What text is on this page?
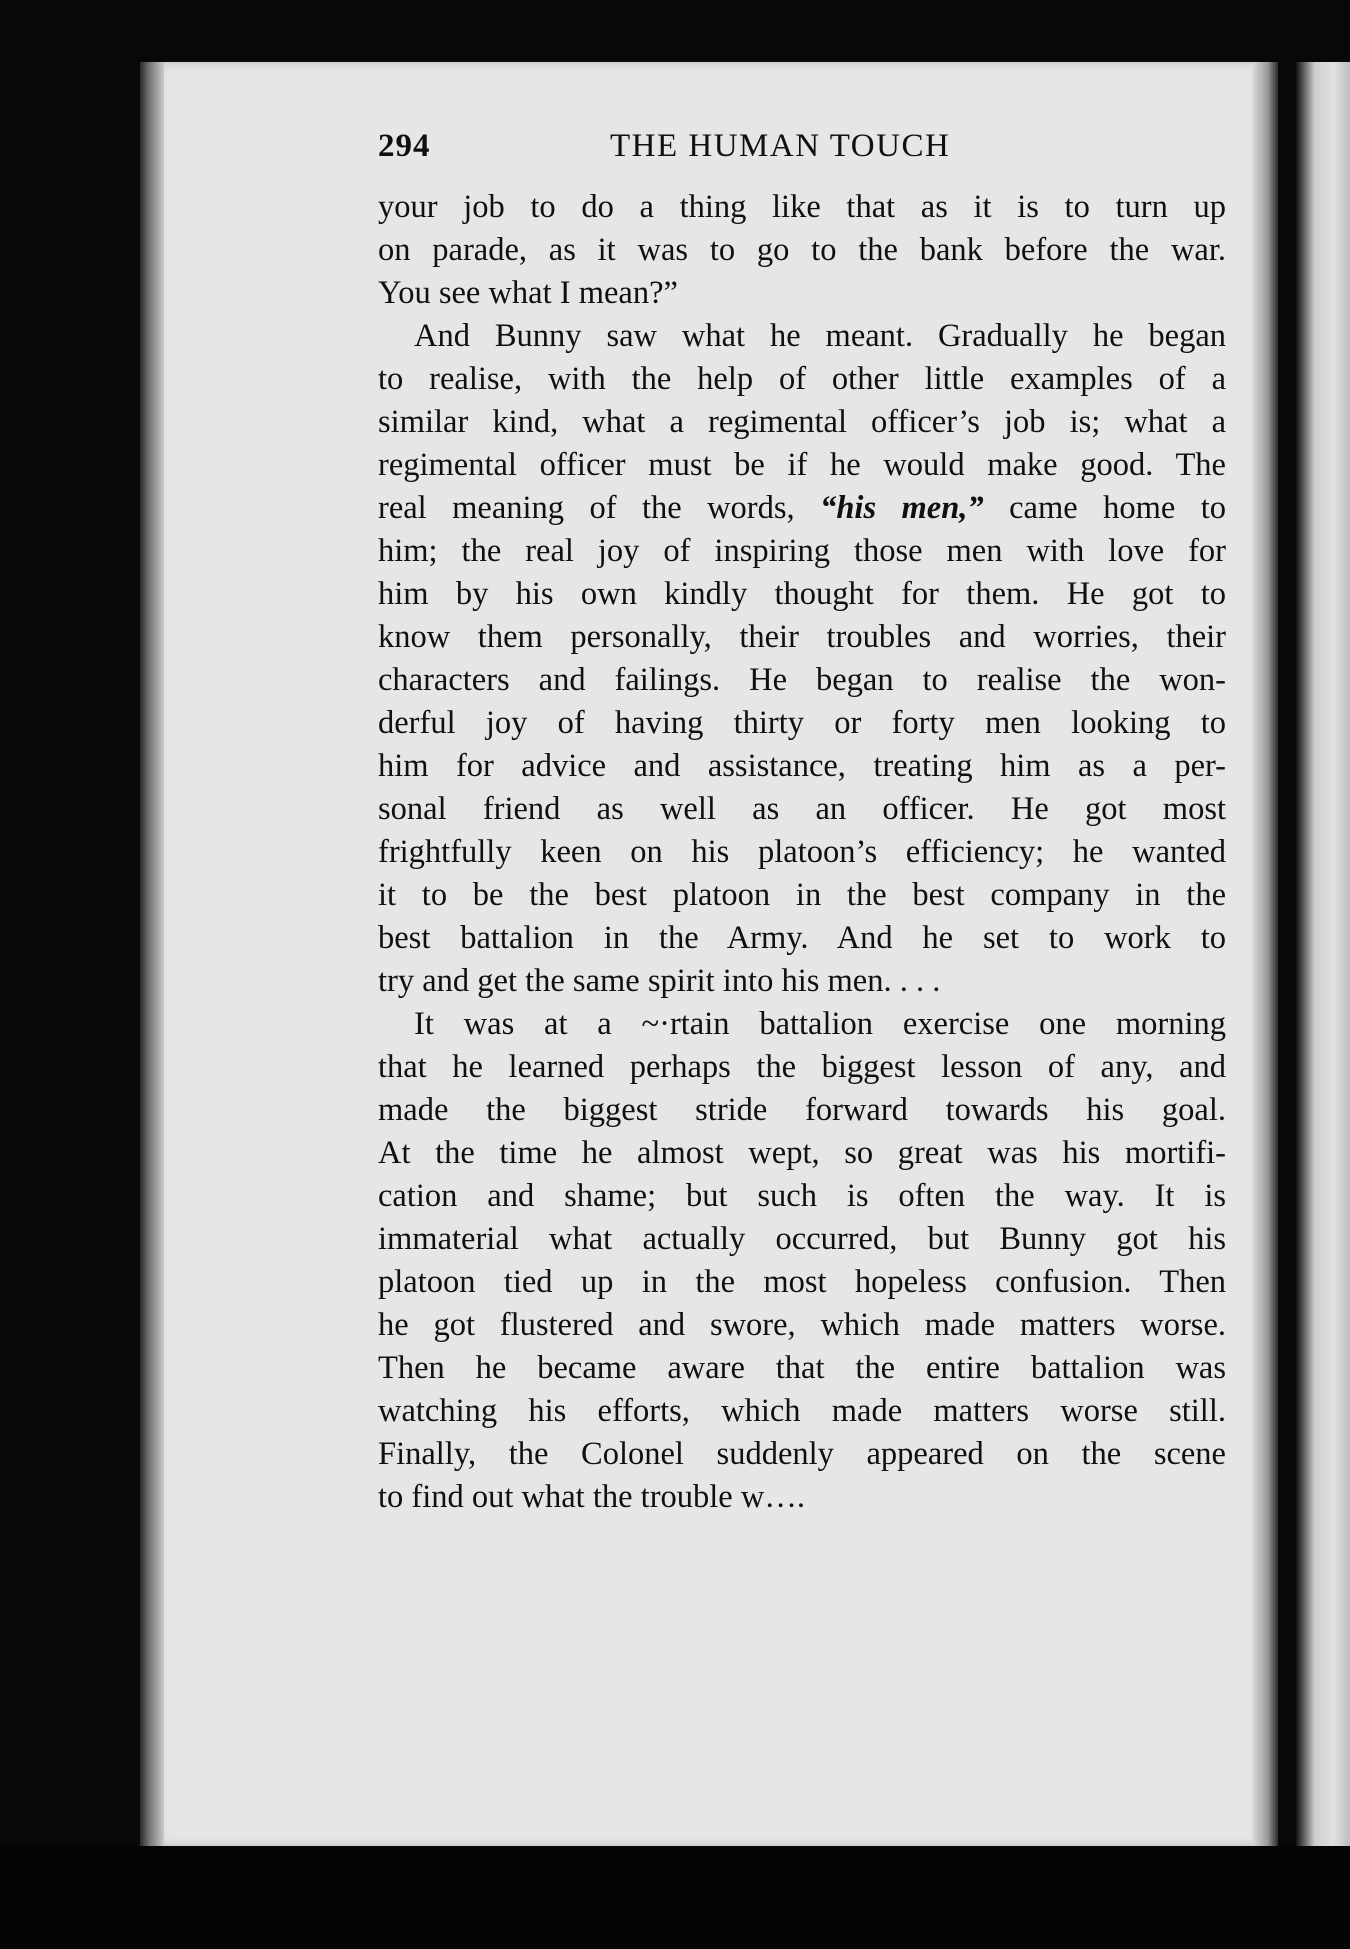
294	THE HUMAN TOUCH
your job to do a thing like that as it is to turn up
on parade, as it was to go to the bank before the war.
You see what I mean?”
And Bunny saw what he meant. Gradually he began
to realise, with the help of other little examples of a
similar kind, what a regimental officer’s job is; what a
regimental officer must be if he would make good. The
real meaning of the words, “his men,” came home to
him; the real joy of inspiring those men with love for
him by his own kindly thought for them. He got to
know them personally, their troubles and worries, their
characters and failings. He began to realise the won-
derful joy of having thirty or forty men looking to
him for advice and assistance, treating him as a per-
sonal friend as well as an officer. He got most
frightfully keen on his platoon’s efficiency; he wanted
it to be the best platoon in the best company in the
best battalion in the Army. And he set to work to
try and get the same spirit into his men. . . .
It was at a ~·rtain battalion exercise one morning
that he learned perhaps the biggest lesson of any, and
made the biggest stride forward towards his goal.
At the time he almost wept, so great was his mortifi-
cation and shame; but such is often the way. It is
immaterial what actually occurred, but Bunny got his
platoon tied up in the most hopeless confusion. Then
he got flustered and swore, which made matters worse.
Then he became aware that the entire battalion was
watching his efforts, which made matters worse still.
Finally, the Colonel suddenly appeared on the scene
to find out what the trouble w….
